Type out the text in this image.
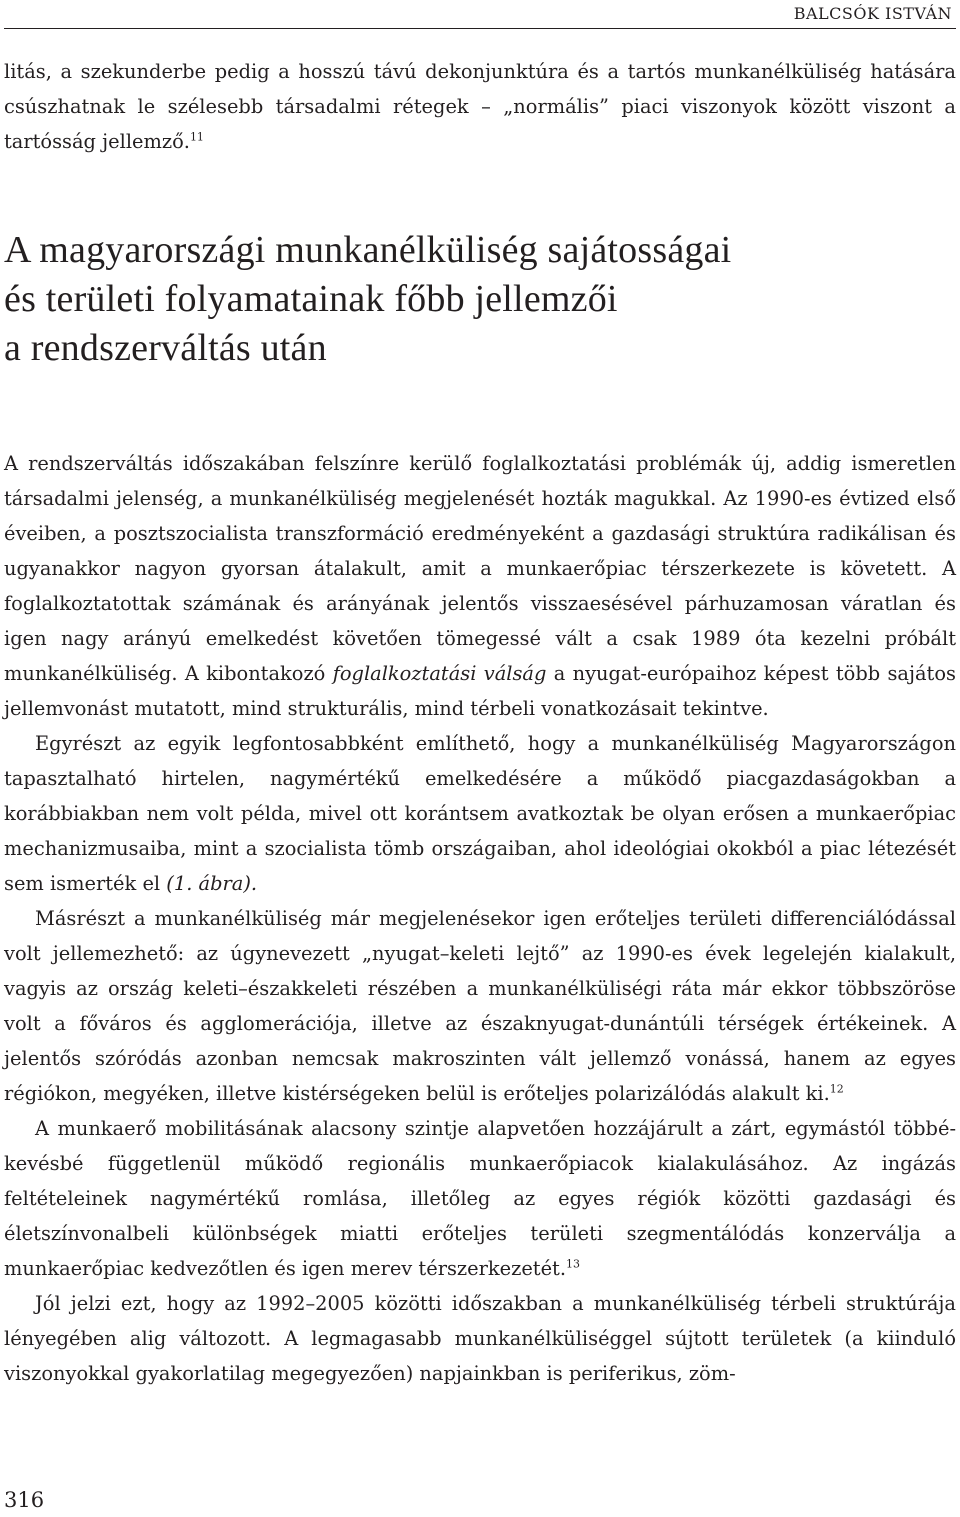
BALCSÓK ISTVÁN

litás, a szekunderbe pedig a hosszú távú dekonjunktúra és a tartós munkanélküliség hatására csúszhatnak le szélesebb társadalmi rétegek – „normális” piaci viszonyok között viszont a tartósság jellemző.$^{11}$

A magyarországi munkanélküliség sajátosságai
és területi folyamatainak főbb jellemzői
a rendszerváltás után

A rendszerváltás időszakában felszínre kerülő foglalkoztatási problémák új, addig ismeretlen társadalmi jelenség, a munkanélküliség megjelenését hozták magukkal. Az 1990-es évtized első éveiben, a posztszocialista transzformáció eredményeként a gazdasági struktúra radikálisan és ugyanakkor nagyon gyorsan átalakult, amit a munkaerőpiac térszerkezete is követett. A foglalkoztatottak számának és arányának jelentős visszaesésével párhuzamosan váratlan és igen nagy arányú emelkedést követően tömegessé vált a csak 1989 óta kezelni próbált munkanélküliség. A kibontakozó foglalkoztatási válság a nyugat-európaihoz képest több sajátos jellemvonást mutatott, mind strukturális, mind térbeli vonatkozásait tekintve.

Egyrészt az egyik legfontosabbként említhető, hogy a munkanélküliség Magyarországon tapasztalható hirtelen, nagymértékű emelkedésére a működő piacgazdaságokban a korábbiakban nem volt példa, mivel ott korántsem avatkoztak be olyan erősen a munkaerőpiac mechanizmusaiba, mint a szocialista tömb országaiban, ahol ideológiai okokból a piac létezését sem ismerték el (1. ábra).

Másrészt a munkanélküliség már megjelenésekor igen erőteljes területi differenciálódással volt jellemezhető: az úgynevezett „nyugat–keleti lejtő” az 1990-es évek legelején kialakult, vagyis az ország keleti–északkeleti részében a munkanélküliségi ráta már ekkor többszöröse volt a főváros és agglomerációja, illetve az északnyugat-dunántúli térségek értékeinek. A jelentős szóródás azonban nemcsak makroszinten vált jellemző vonássá, hanem az egyes régiókon, megyéken, illetve kistérségeken belül is erőteljes polarizálódás alakult ki.$^{12}$

A munkaerő mobilitásának alacsony szintje alapvetően hozzájárult a zárt, egymástól többé-kevésbé függetlenül működő regionális munkaerőpiacok kialakulásához. Az ingázás feltételeinek nagymértékű romlása, illetőleg az egyes régiók közötti gazdasági és életszínvonalbeli különbségek miatti erőteljes területi szegmentálódás konzerválja a munkaerőpiac kedvezőtlen és igen merev térszerkezetét.$^{13}$

Jól jelzi ezt, hogy az 1992–2005 közötti időszakban a munkanélküliség térbeli struktúrája lényegében alig változott. A legmagasabb munkanélküliséggel sújtott területek (a kiinduló viszonyokkal gyakorlatilag megegyezően) napjainkban is periferikus, zöm-

316
